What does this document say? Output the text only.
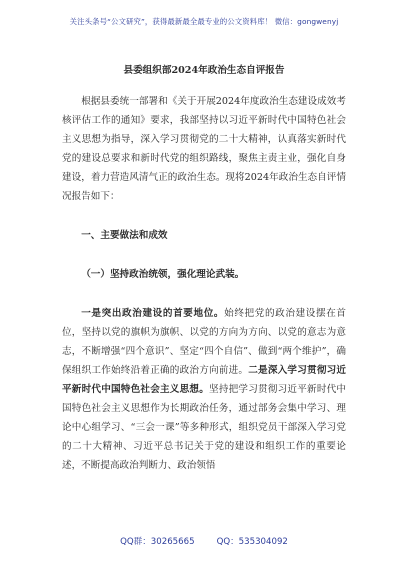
关注头条号“公文研究”，获得最新最全最专业的公文资料库！ 微信：gongwenyj
县委组织部2024年政治生态自评报告

根据县委统一部署和《关于开展2024年度政治生态建设成效考核评估工作的通知》要求，我部坚持以习近平新时代中国特色社会主义思想为指导，深入学习贯彻党的二十大精神，认真落实新时代党的建设总要求和新时代党的组织路线，聚焦主责主业，强化自身建设，着力营造风清气正的政治生态。现将2024年政治生态自评情况报告如下：

一、主要做法和成效

（一）坚持政治统领，强化理论武装。

一是突出政治建设的首要地位。始终把党的政治建设摆在首位，坚持以党的旗帜为旗帜、以党的方向为方向、以党的意志为意志，不断增强“四个意识”、坚定“四个自信”、做到“两个维护”，确保组织工作始终沿着正确的政治方向前进。二是深入学习贯彻习近平新时代中国特色社会主义思想。坚持把学习贯彻习近平新时代中国特色社会主义思想作为长期政治任务，通过部务会集中学习、理论中心组学习、“三会一课”等多种形式，组织党员干部深入学习党的二十大精神、习近平总书记关于党的建设和组织工作的重要论述，不断提高政治判断力、政治领悟

QQ群：30265665	QQ：535304092
